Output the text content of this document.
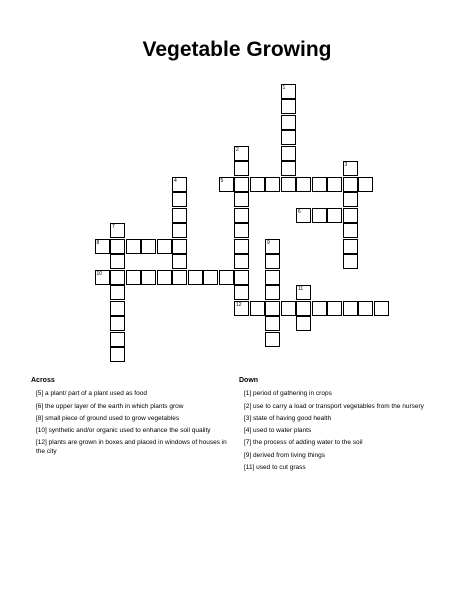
Vegetable Growing
1
2
12
3
4	5
6
7
8	9
10
11
Across
[5] a plant/ part of a plant used as food
[6] the upper layer of the earth in which plants grow
[8] small piece of ground used to grow vegetables
[10] synthetic and/or organic used to enhance the soil quality
[12] plants are grown in boxes and placed in windows of houses in the city
Down
[1] period of gathering in crops
[2] use to carry a load or transport vegetables from the nursery
[3] state of having good health
[4] used to water plants
[7] the process of adding water to the soil
[9] derived from living things
[11] used to cut grass
